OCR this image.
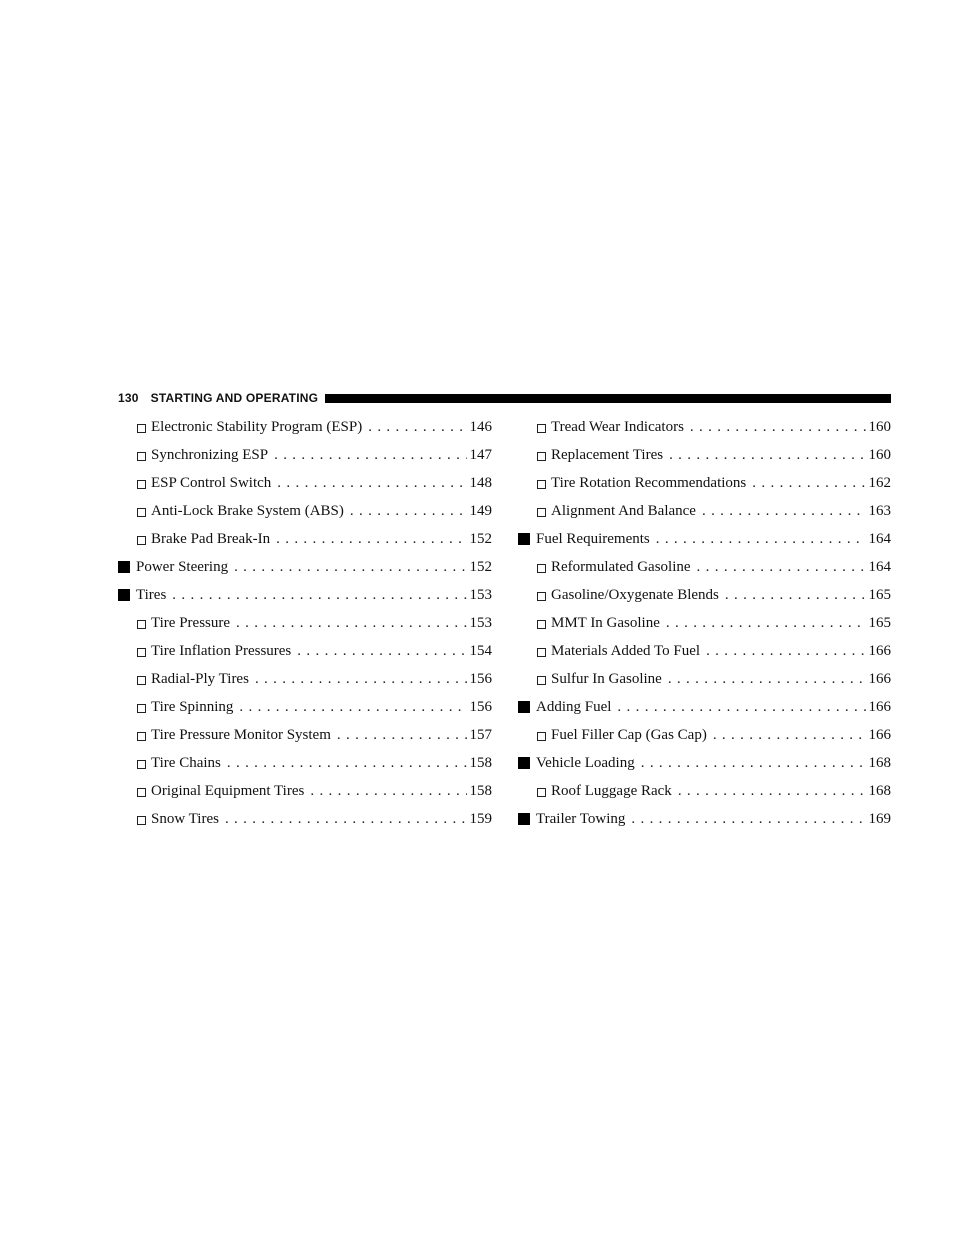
130 STARTING AND OPERATING
Electronic Stability Program (ESP) . . .	146
Synchronizing ESP . . .	147
ESP Control Switch . . .	148
Anti-Lock Brake System (ABS) . . .	149
Brake Pad Break-In . . .	152
Power Steering . . .	152
Tires . . .	153
Tire Pressure . . .	153
Tire Inflation Pressures . . .	154
Radial-Ply Tires . . .	156
Tire Spinning . . .	156
Tire Pressure Monitor System . . .	157
Tire Chains . . .	158
Original Equipment Tires . . .	158
Snow Tires . . .	159
Tread Wear Indicators . . .	160
Replacement Tires . . .	160
Tire Rotation Recommendations . . .	162
Alignment And Balance . . .	163
Fuel Requirements . . .	164
Reformulated Gasoline . . .	164
Gasoline/Oxygenate Blends . . .	165
MMT In Gasoline . . .	165
Materials Added To Fuel . . .	166
Sulfur In Gasoline . . .	166
Adding Fuel . . .	166
Fuel Filler Cap (Gas Cap) . . .	166
Vehicle Loading . . .	168
Roof Luggage Rack . . .	168
Trailer Towing . . .	169
